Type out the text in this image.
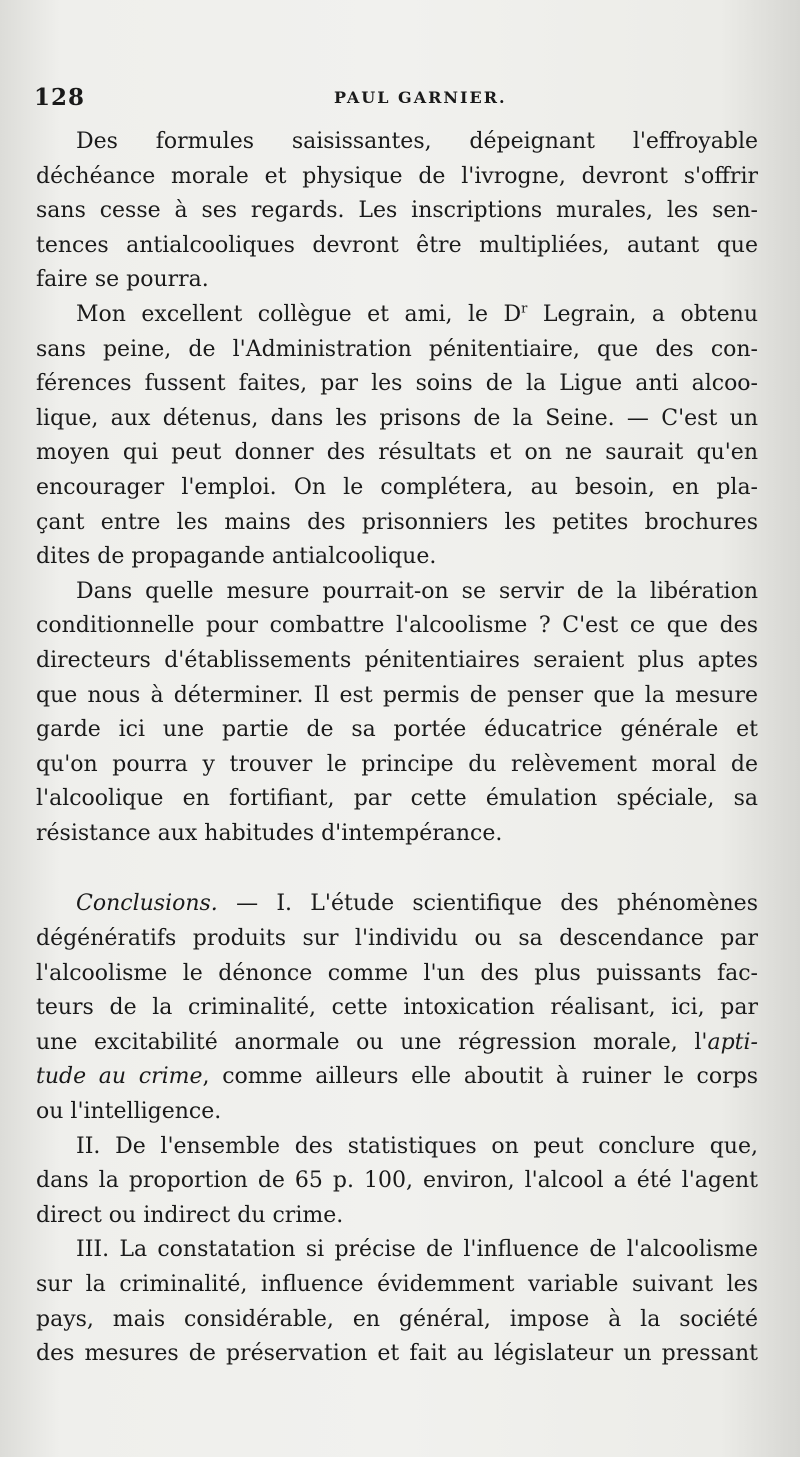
128	PAUL GARNIER.
Des formules saisissantes, dépeignant l'effroyable
déchéance morale et physique de l'ivrogne, devront s'offrir
sans cesse à ses regards. Les inscriptions murales, les sen-
tences antialcooliques devront être multipliées, autant que
faire se pourra.
Mon excellent collègue et ami, le $D^r$ Legrain, a obtenu
sans peine, de l'Administration pénitentiaire, que des con-
férences fussent faites, par les soins de la Ligue anti alcoo-
lique, aux détenus, dans les prisons de la Seine. — C'est un
moyen qui peut donner des résultats et on ne saurait qu'en
encourager l'emploi. On le complétera, au besoin, en pla-
çant entre les mains des prisonniers les petites brochures
dites de propagande antialcoolique.
Dans quelle mesure pourrait-on se servir de la libération
conditionnelle pour combattre l'alcoolisme ? C'est ce que des
directeurs d'établissements pénitentiaires seraient plus aptes
que nous à déterminer. Il est permis de penser que la mesure
garde ici une partie de sa portée éducatrice générale et
qu'on pourra y trouver le principe du relèvement moral de
l'alcoolique en fortifiant, par cette émulation spéciale, sa
résistance aux habitudes d'intempérance.
Conclusions. — I. L'étude scientifique des phénomènes
dégénératifs produits sur l'individu ou sa descendance par
l'alcoolisme le dénonce comme l'un des plus puissants fac-
teurs de la criminalité, cette intoxication réalisant, ici, par
une excitabilité anormale ou une régression morale, l'apti-
tude au crime, comme ailleurs elle aboutit à ruiner le corps
ou l'intelligence.
II. De l'ensemble des statistiques on peut conclure que,
dans la proportion de 65 p. 100, environ, l'alcool a été l'agent
direct ou indirect du crime.
III. La constatation si précise de l'influence de l'alcoolisme
sur la criminalité, influence évidemment variable suivant les
pays, mais considérable, en général, impose à la société
des mesures de préservation et fait au législateur un pressant
